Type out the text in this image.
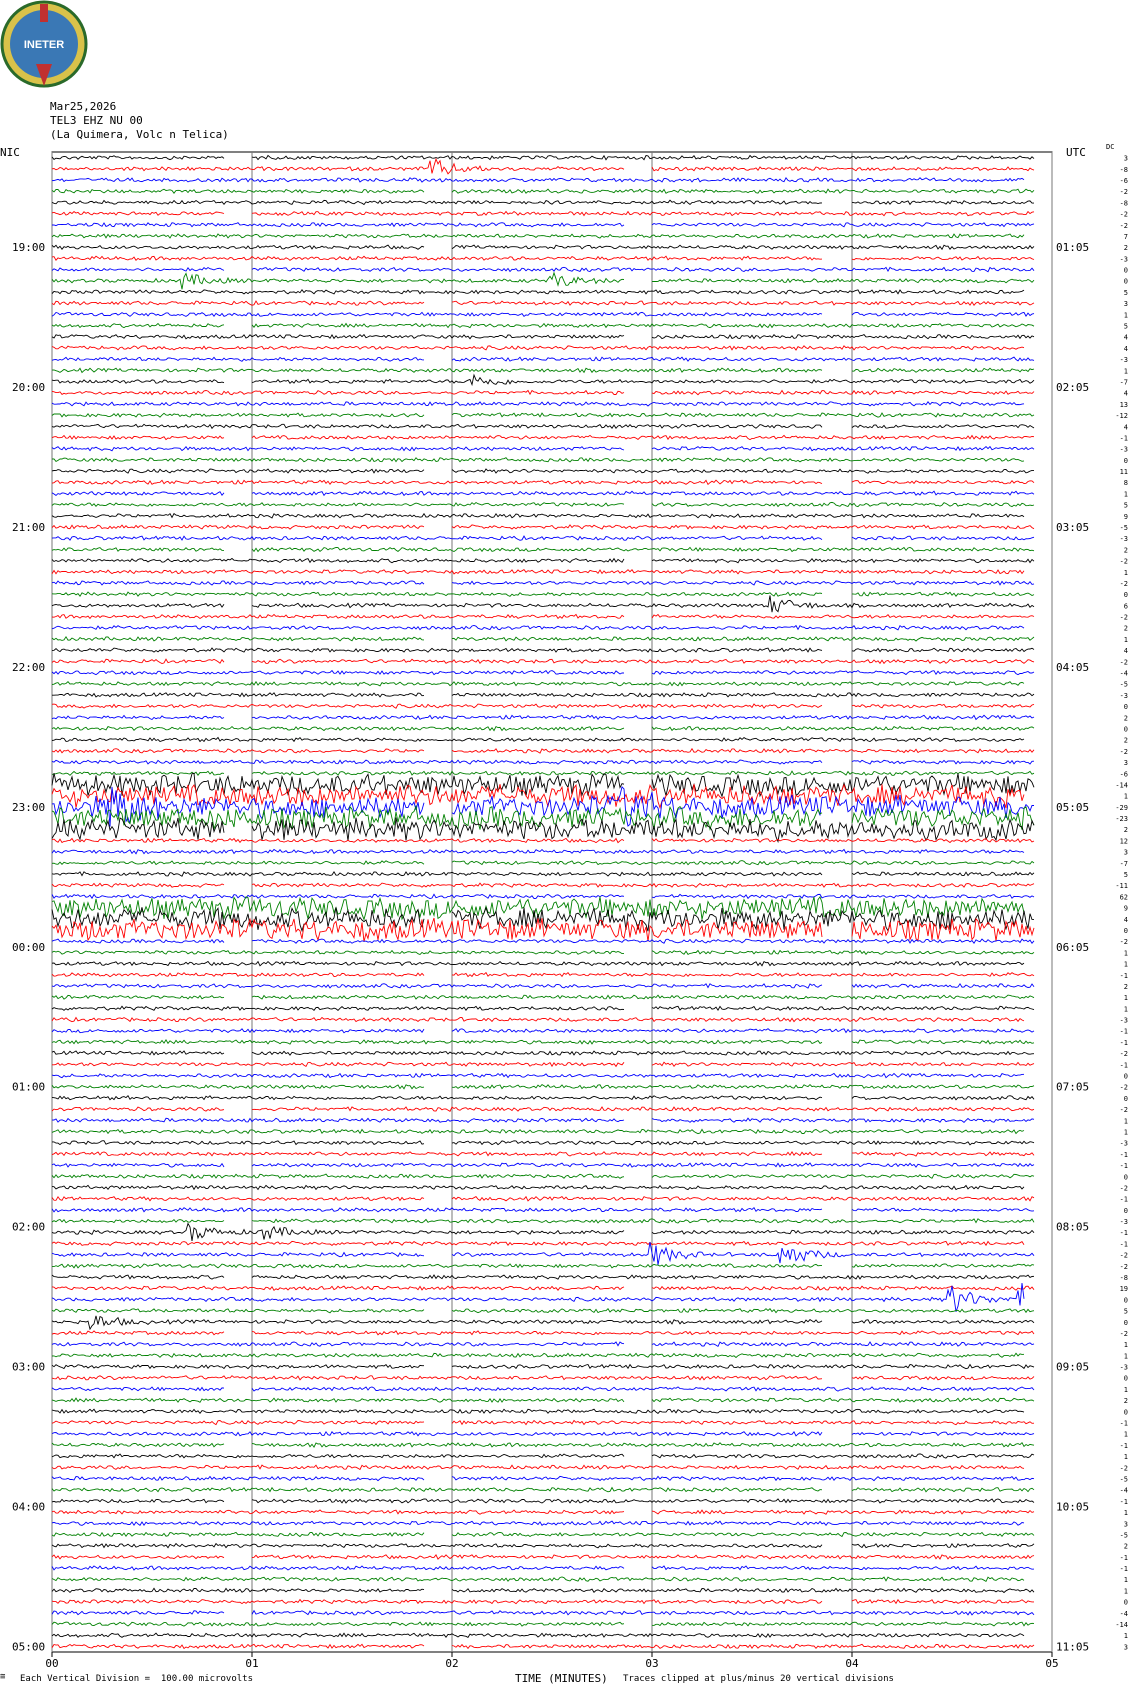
INETER
Mar25,2026
TEL3 EHZ NU 00
(La Quimera, Volc n Telica)
NIC	UTC	DC
00	01	02	03	04	05
3
-8
-6
-2
-8
-2
-2
7
2
-3
0
0
5
3
1
5
4
4
-3
1
-7
4
13
-12
4
-1
-3
0
11
8
1
5
9
-5
-3
2
-2
1
-2
0
6
-2
2
1
4
-2
-4
-5
-3
0
2
0
2
-2
3
-6
-14
1
-29
-23
2
12
3
-7
5
-11
62
9
4
0
-2
1
1
-1
2
1
1
-3
-1
-1
-2
-1
0
-2
0
-2
1
1
-3
-1
-1
0
-2
-1
0
-3
-1
-1
-2
-2
-8
19
0
5
0
-2
1
1
-3
0
1
2
0
-1
1
-1
1
-2
-5
-4
-1
1
3
-5
2
-1
-1
1
1
0
-4
-14
1
3
19:00	01:05
20:00	02:05
21:00	03:05
22:00	04:05
23:00	05:05
00:00	06:05
01:00	07:05
02:00	08:05
03:00	09:05
04:00	10:05
05:00	11:05
≅ Each Vertical Division =  100.00 microvolts	TIME (MINUTES) Traces clipped at plus/minus 20 vertical divisions
